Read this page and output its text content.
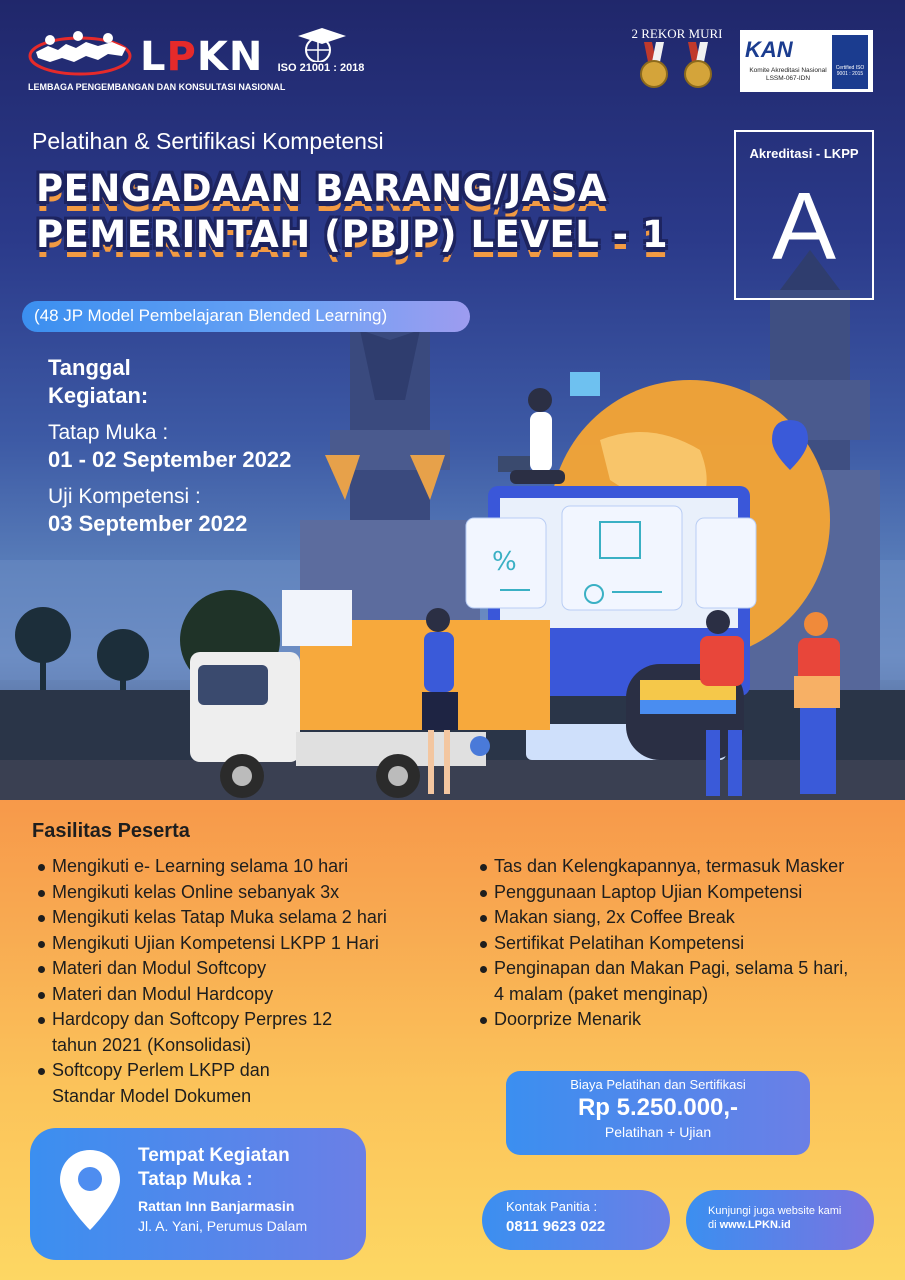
%
LPKN
LEMBAGA PENGEMBANGAN DAN KONSULTASI NASIONAL
ISO 21001 : 2018
2 REKOR MURI
KAN
Komite Akreditasi Nasional LSSM-067-IDN
Certified ISO 9001 : 2015
Pelatihan & Sertifikasi Kompetensi
PENGADAAN BARANG/JASA
PEMERINTAH (PBJP) LEVEL - 1
(48 JP Model Pembelajaran Blended Learning)
Akreditasi - LKPP
A
Tanggal
Kegiatan:
Tatap Muka :
01 - 02 September 2022
Uji Kompetensi :
03 September 2022
Fasilitas Peserta
Mengikuti e- Learning selama 10 hari
Mengikuti kelas Online sebanyak 3x
Mengikuti kelas Tatap Muka selama 2 hari
Mengikuti Ujian Kompetensi LKPP 1 Hari
Materi dan Modul Softcopy
Materi dan Modul Hardcopy
Hardcopy dan Softcopy Perpres 12 tahun 2021 (Konsolidasi)
Softcopy Perlem LKPP dan Standar Model Dokumen
Tas dan Kelengkapannya, termasuk Masker
Penggunaan Laptop Ujian Kompetensi
Makan siang, 2x Coffee Break
Sertifikat Pelatihan Kompetensi
Penginapan dan Makan Pagi, selama 5 hari, 4 malam (paket menginap)
Doorprize Menarik
Biaya Pelatihan dan Sertifikasi
Rp 5.250.000,-
Pelatihan + Ujian
Tempat Kegiatan
Tatap Muka :
Rattan Inn Banjarmasin
Jl. A. Yani, Perumus Dalam
Kontak Panitia :
0811 9623 022
Kunjungi juga website kami
di www.LPKN.id
